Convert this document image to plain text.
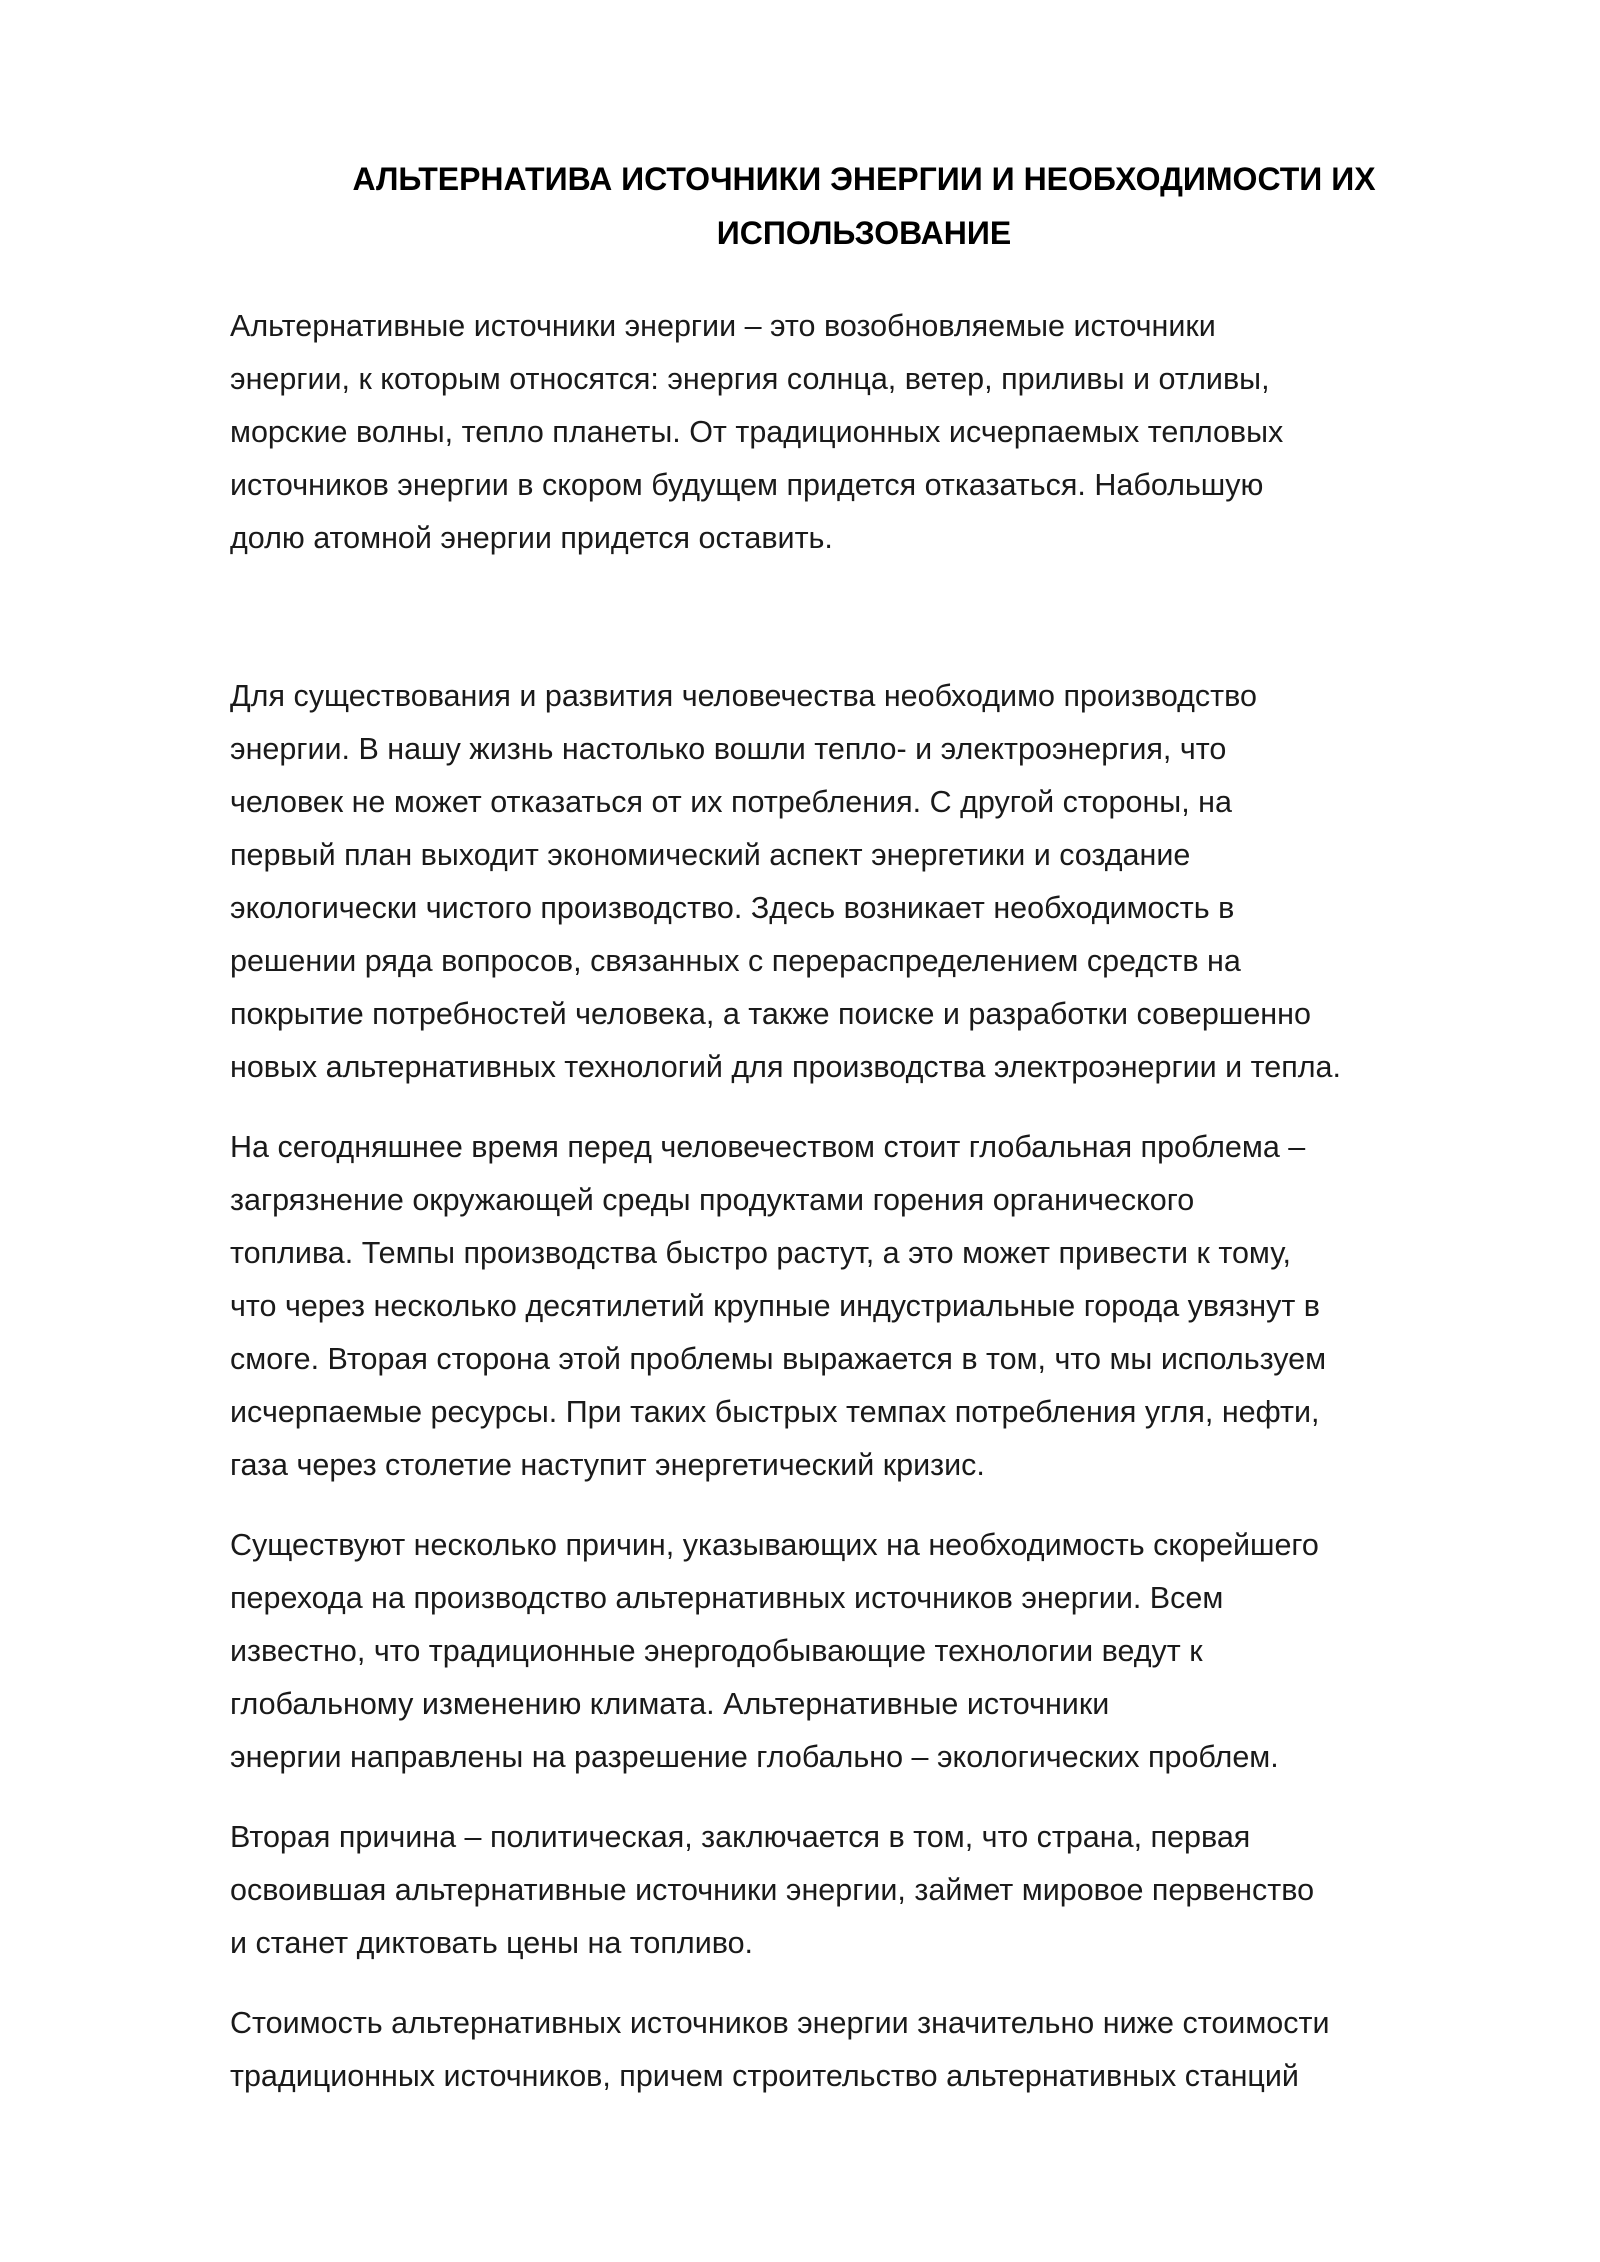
АЛЬТЕРНАТИВА ИСТОЧНИКИ ЭНЕРГИИ И НЕОБХОДИМОСТИ ИХ
ИСПОЛЬЗОВАНИЕ

Альтернативные источники энергии – это возобновляемые источники
энергии, к которым относятся: энергия солнца, ветер, приливы и отливы,
морские волны, тепло планеты. От традиционных исчерпаемых тепловых
источников энергии в скором будущем придется отказаться. Набольшую
долю атомной энергии придется оставить.

Для существования и развития человечества необходимо производство
энергии. В нашу жизнь настолько вошли тепло- и электроэнергия, что
человек не может отказаться от их потребления. С другой стороны, на
первый план выходит экономический аспект энергетики и создание
экологически чистого производство. Здесь возникает необходимость в
решении ряда вопросов, связанных с перераспределением средств на
покрытие потребностей человека, а также поиске и разработки совершенно
новых альтернативных технологий для производства электроэнергии и тепла.

На сегодняшнее время перед человечеством стоит глобальная проблема –
загрязнение окружающей среды продуктами горения органического
топлива. Темпы производства быстро растут, а это может привести к тому,
что через несколько десятилетий крупные индустриальные города увязнут в
смоге. Вторая сторона этой проблемы выражается в том, что мы используем
исчерпаемые ресурсы. При таких быстрых темпах потребления угля, нефти,
газа через столетие наступит энергетический кризис.

Существуют несколько причин, указывающих на необходимость скорейшего
перехода на производство альтернативных источников энергии. Всем
известно, что традиционные энергодобывающие технологии ведут к
глобальному изменению климата. Альтернативные источники
энергии направлены на разрешение глобально – экологических проблем.

Вторая причина – политическая, заключается в том, что страна, первая
освоившая альтернативные источники энергии, займет мировое первенство
и станет диктовать цены на топливо.

Стоимость альтернативных источников энергии значительно ниже стоимости
традиционных источников, причем строительство альтернативных станций
